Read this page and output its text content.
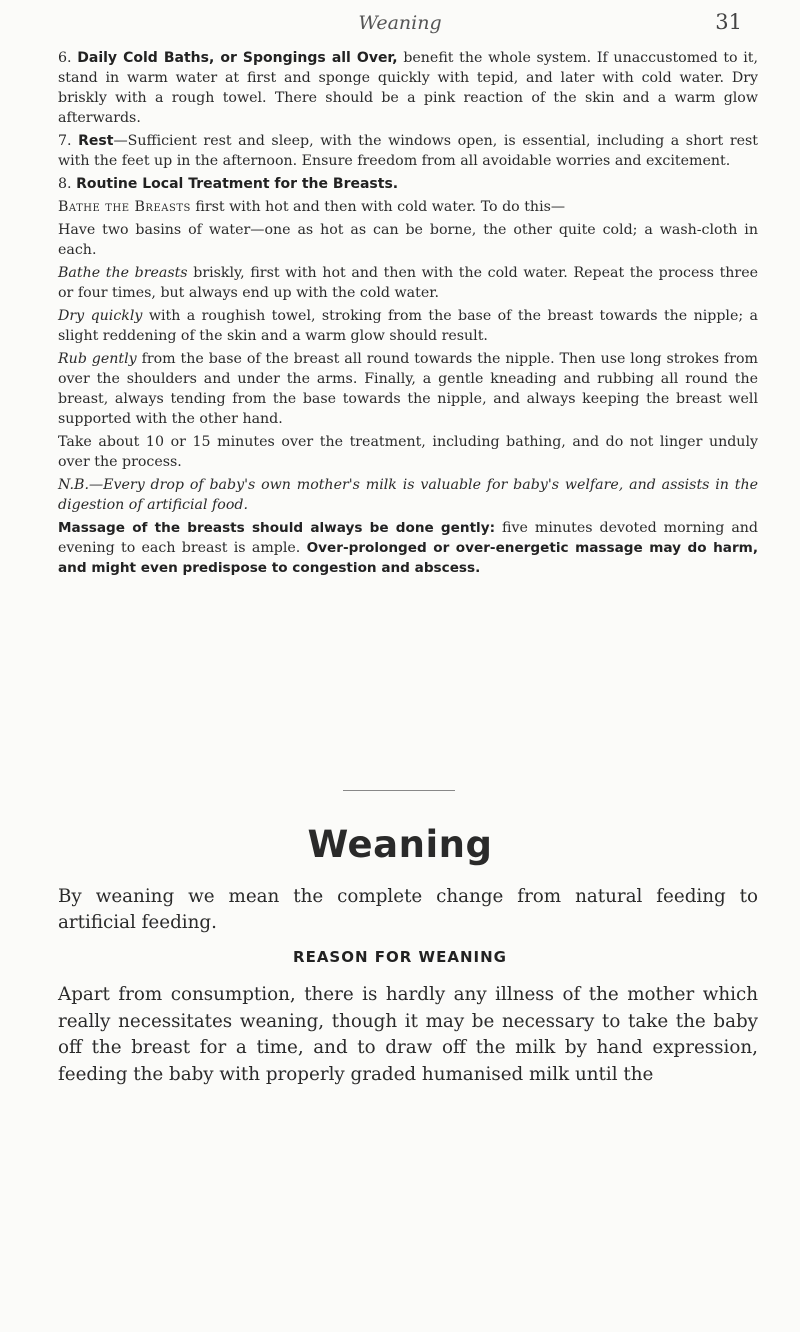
Weaning	31

6. Daily Cold Baths, or Spongings all Over, benefit the whole system. If unaccustomed to it, stand in warm water at first and sponge quickly with tepid, and later with cold water. Dry briskly with a rough towel. There should be a pink reaction of the skin and a warm glow afterwards.

7. Rest—Sufficient rest and sleep, with the windows open, is essential, including a short rest with the feet up in the afternoon. Ensure freedom from all avoidable worries and excitement.

8. Routine Local Treatment for the Breasts.

Bathe the Breasts first with hot and then with cold water. To do this—

Have two basins of water—one as hot as can be borne, the other quite cold; a wash-cloth in each.

Bathe the breasts briskly, first with hot and then with the cold water. Repeat the process three or four times, but always end up with the cold water.

Dry quickly with a roughish towel, stroking from the base of the breast towards the nipple; a slight reddening of the skin and a warm glow should result.

Rub gently from the base of the breast all round towards the nipple. Then use long strokes from over the shoulders and under the arms. Finally, a gentle kneading and rubbing all round the breast, always tending from the base towards the nipple, and always keeping the breast well supported with the other hand.

Take about 10 or 15 minutes over the treatment, including bathing, and do not linger unduly over the process.

N.B.—Every drop of baby's own mother's milk is valuable for baby's welfare, and assists in the digestion of artificial food.

Massage of the breasts should always be done gently: five minutes devoted morning and evening to each breast is ample. Over-prolonged or over-energetic massage may do harm, and might even predispose to congestion and abscess.

Weaning

By weaning we mean the complete change from natural feeding to artificial feeding.

REASON FOR WEANING

Apart from consumption, there is hardly any illness of the mother which really necessitates weaning, though it may be necessary to take the baby off the breast for a time, and to draw off the milk by hand expression, feeding the baby with properly graded humanised milk until the
